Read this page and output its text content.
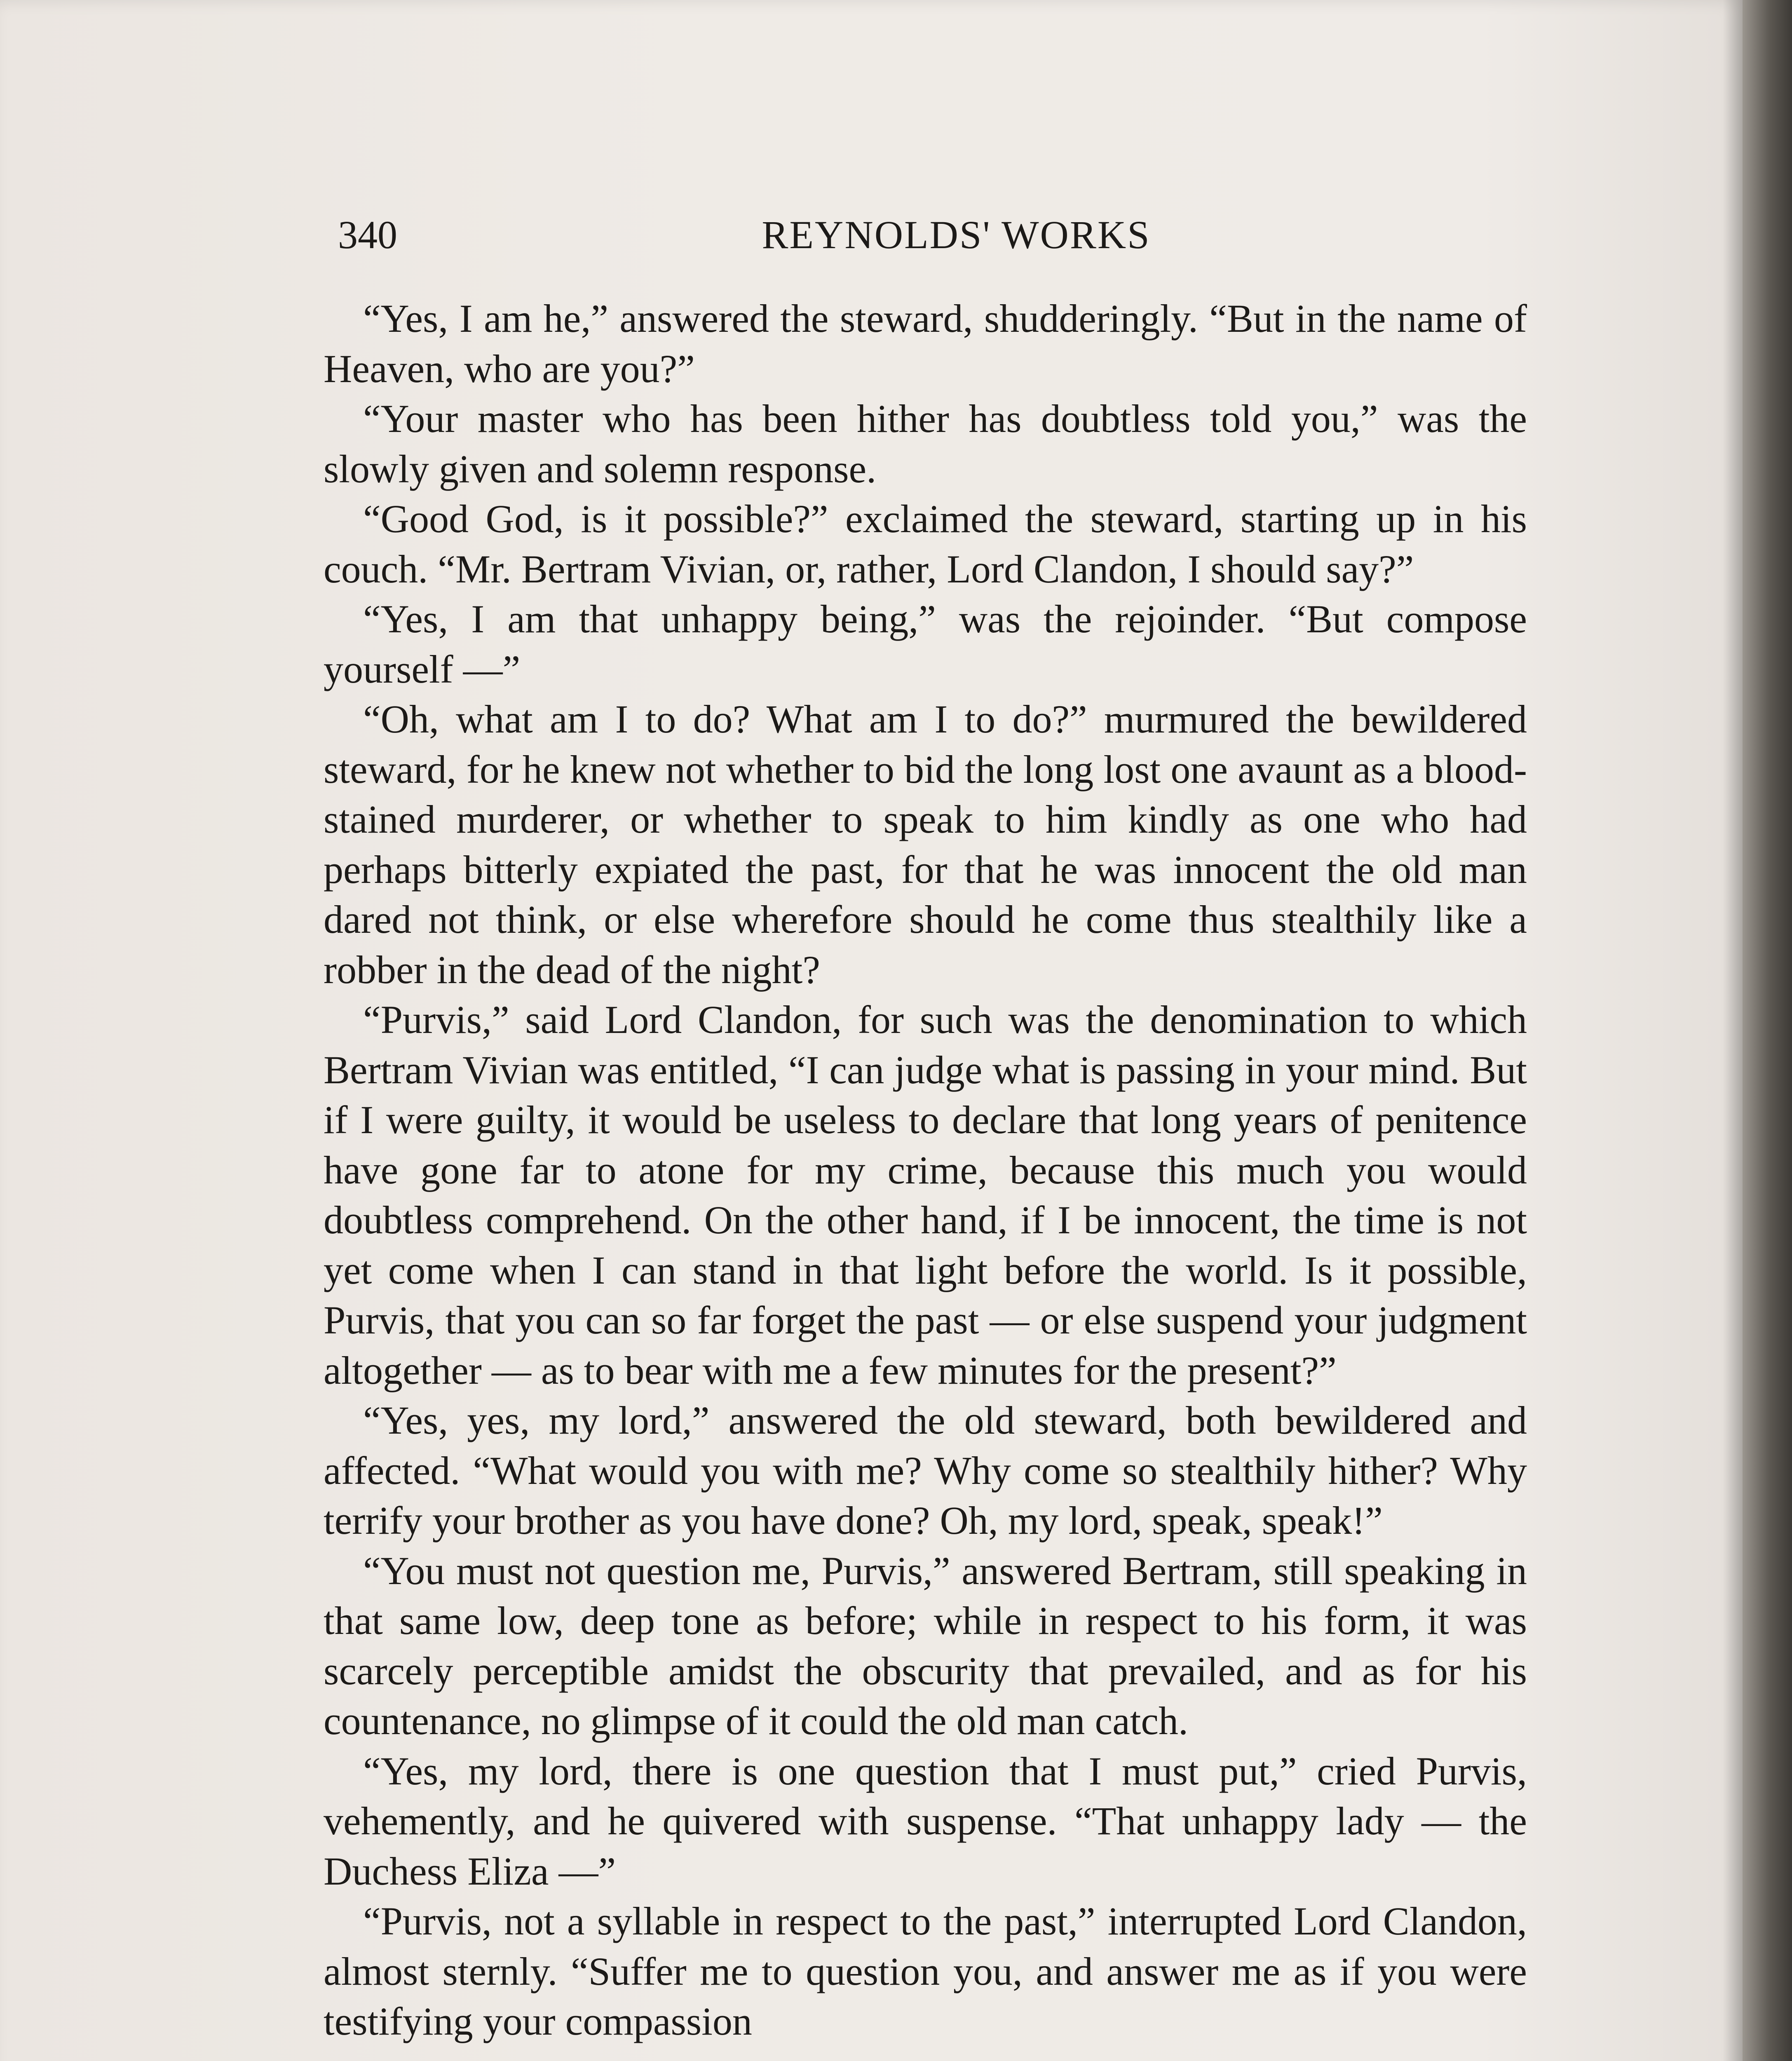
340	REYNOLDS' WORKS

“Yes, I am he,” answered the steward, shudderingly. “But in the name of Heaven, who are you?”

“Your master who has been hither has doubtless told you,” was the slowly given and solemn response.

“Good God, is it possible?” exclaimed the steward, starting up in his couch. “Mr. Bertram Vivian, or, rather, Lord Clandon, I should say?”

“Yes, I am that unhappy being,” was the rejoinder. “But compose yourself —”

“Oh, what am I to do? What am I to do?” murmured the bewildered steward, for he knew not whether to bid the long lost one avaunt as a blood-stained murderer, or whether to speak to him kindly as one who had perhaps bitterly expiated the past, for that he was innocent the old man dared not think, or else wherefore should he come thus stealthily like a robber in the dead of the night?

“Purvis,” said Lord Clandon, for such was the denomination to which Bertram Vivian was entitled, “I can judge what is passing in your mind. But if I were guilty, it would be useless to declare that long years of penitence have gone far to atone for my crime, because this much you would doubtless comprehend. On the other hand, if I be innocent, the time is not yet come when I can stand in that light before the world. Is it possible, Purvis, that you can so far forget the past — or else suspend your judgment altogether — as to bear with me a few minutes for the present?”

“Yes, yes, my lord,” answered the old steward, both bewildered and affected. “What would you with me? Why come so stealthily hither? Why terrify your brother as you have done? Oh, my lord, speak, speak!”

“You must not question me, Purvis,” answered Bertram, still speaking in that same low, deep tone as before; while in respect to his form, it was scarcely perceptible amidst the obscurity that prevailed, and as for his countenance, no glimpse of it could the old man catch.

“Yes, my lord, there is one question that I must put,” cried Purvis, vehemently, and he quivered with suspense. “That unhappy lady — the Duchess Eliza —”

“Purvis, not a syllable in respect to the past,” interrupted Lord Clandon, almost sternly. “Suffer me to question you, and answer me as if you were testifying your compassion
